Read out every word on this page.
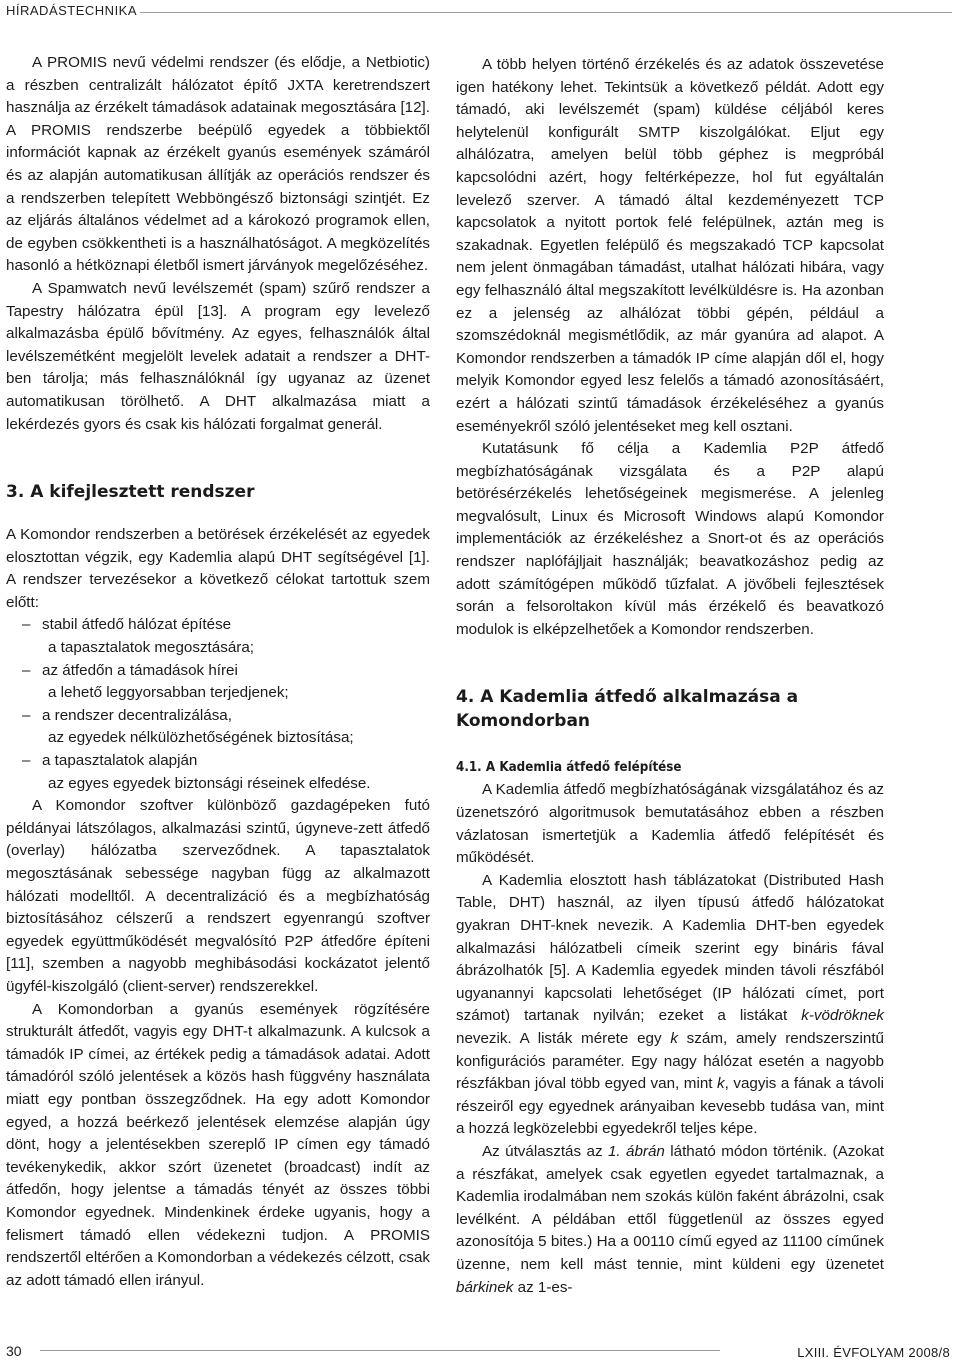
HÍRADÁSTECHNIKA

A PROMIS nevű védelmi rendszer (és elődje, a Netbiotic) a részben centralizált hálózatot építő JXTA keretrendszert használja az érzékelt támadások adatainak megosztására [12]. A PROMIS rendszerbe beépülő egyedek a többiektől információt kapnak az érzékelt gyanús események számáról és az alapján automatikusan állítják az operációs rendszer és a rendszerben telepített Webböngésző biztonsági szintjét. Ez az eljárás általános védelmet ad a károkozó programok ellen, de egyben csökkentheti is a használhatóságot. A megközelítés hasonló a hétköznapi életből ismert járványok megelőzéséhez.

A Spamwatch nevű levélszemét (spam) szűrő rendszer a Tapestry hálózatra épül [13]. A program egy levelező alkalmazásba épülő bővítmény. Az egyes, felhasználók által levélszemétként megjelölt levelek adatait a rendszer a DHT-ben tárolja; más felhasználóknál így ugyanaz az üzenet automatikusan törölhető. A DHT alkalmazása miatt a lekérdezés gyors és csak kis hálózati forgalmat generál.

3. A kifejlesztett rendszer

A Komondor rendszerben a betörések érzékelését az egyedek elosztottan végzik, egy Kademlia alapú DHT segítségével [1]. A rendszer tervezésekor a következő célokat tartottuk szem előtt:

– stabil átfedő hálózat építése
a tapasztalatok megosztására;
– az átfedőn a támadások hírei
a lehető leggyorsabban terjedjenek;
– a rendszer decentralizálása,
az egyedek nélkülözhetőségének biztosítása;
– a tapasztalatok alapján
az egyes egyedek biztonsági réseinek elfedése.

A Komondor szoftver különböző gazdagépeken futó példányai látszólagos, alkalmazási szintű, úgyneve-zett átfedő (overlay) hálózatba szerveződnek. A tapasztalatok megosztásának sebessége nagyban függ az alkalmazott hálózati modelltől. A decentralizáció és a megbízhatóság biztosításához célszerű a rendszert egyenrangú szoftver egyedek együttműködését megvalósító P2P átfedőre építeni [11], szemben a nagyobb meghibásodási kockázatot jelentő ügyfél-kiszolgáló (client-server) rendszerekkel.

A Komondorban a gyanús események rögzítésére strukturált átfedőt, vagyis egy DHT-t alkalmazunk. A kulcsok a támadók IP címei, az értékek pedig a támadások adatai. Adott támadóról szóló jelentések a közös hash függvény használata miatt egy pontban összegződnek. Ha egy adott Komondor egyed, a hozzá beérkező jelentések elemzése alapján úgy dönt, hogy a jelentésekben szereplő IP címen egy támadó tevékenykedik, akkor szórt üzenetet (broadcast) indít az átfedőn, hogy jelentse a támadás tényét az összes többi Komondor egyednek. Mindenkinek érdeke ugyanis, hogy a felismert támadó ellen védekezni tudjon. A PROMIS rendszertől eltérően a Komondorban a védekezés célzott, csak az adott támadó ellen irányul.

A több helyen történő érzékelés és az adatok összevetése igen hatékony lehet. Tekintsük a következő példát. Adott egy támadó, aki levélszemét (spam) küldése céljából keres helytelenül konfigurált SMTP kiszolgálókat. Eljut egy alhálózatra, amelyen belül több géphez is megpróbál kapcsolódni azért, hogy feltérképezze, hol fut egyáltalán levelező szerver. A támadó által kezdeményezett TCP kapcsolatok a nyitott portok felé felépülnek, aztán meg is szakadnak. Egyetlen felépülő és megszakadó TCP kapcsolat nem jelent önmagában támadást, utalhat hálózati hibára, vagy egy felhasználó által megszakított levélküldésre is. Ha azonban ez a jelenség az alhálózat többi gépén, például a szomszédoknál megismétlődik, az már gyanúra ad alapot. A Komondor rendszerben a támadók IP címe alapján dől el, hogy melyik Komondor egyed lesz felelős a támadó azonosításáért, ezért a hálózati szintű támadások érzékeléséhez a gyanús eseményekről szóló jelentéseket meg kell osztani.

Kutatásunk fő célja a Kademlia P2P átfedő megbízhatóságának vizsgálata és a P2P alapú betörésérzékelés lehetőségeinek megismerése. A jelenleg megvalósult, Linux és Microsoft Windows alapú Komondor implementációk az érzékeléshez a Snort-ot és az operációs rendszer naplófájljait használják; beavatkozáshoz pedig az adott számítógépen működő tűzfalat. A jövőbeli fejlesztések során a felsoroltakon kívül más érzékelő és beavatkozó modulok is elképzelhetőek a Komondor rendszerben.

4. A Kademlia átfedő alkalmazása a Komondorban
4.1. A Kademlia átfedő felépítése

A Kademlia átfedő megbízhatóságának vizsgálatához és az üzenetszóró algoritmusok bemutatásához ebben a részben vázlatosan ismertetjük a Kademlia átfedő felépítését és működését.

A Kademlia elosztott hash táblázatokat (Distributed Hash Table, DHT) használ, az ilyen típusú átfedő hálózatokat gyakran DHT-knek nevezik. A Kademlia DHT-ben egyedek alkalmazási hálózatbeli címeik szerint egy bináris fával ábrázolhatók [5]. A Kademlia egyedek minden távoli részfából ugyanannyi kapcsolati lehetőséget (IP hálózati címet, port számot) tartanak nyilván; ezeket a listákat k-vödröknek nevezik. A listák mérete egy k szám, amely rendszerszintű konfigurációs paraméter. Egy nagy hálózat esetén a nagyobb részfákban jóval több egyed van, mint k, vagyis a fának a távoli részeiről egy egyednek arányaiban kevesebb tudása van, mint a hozzá legközelebbi egyedekről teljes képe.

Az útválasztás az 1. ábrán látható módon történik. (Azokat a részfákat, amelyek csak egyetlen egyedet tartalmaznak, a Kademlia irodalmában nem szokás külön faként ábrázolni, csak levélként. A példában ettől függetlenül az összes egyed azonosítója 5 bites.) Ha a 00110 című egyed az 11100 címűnek üzenne, nem kell mást tennie, mint küldeni egy üzenetet bárkinek az 1-es-

30	LXIII. ÉVFOLYAM 2008/8
